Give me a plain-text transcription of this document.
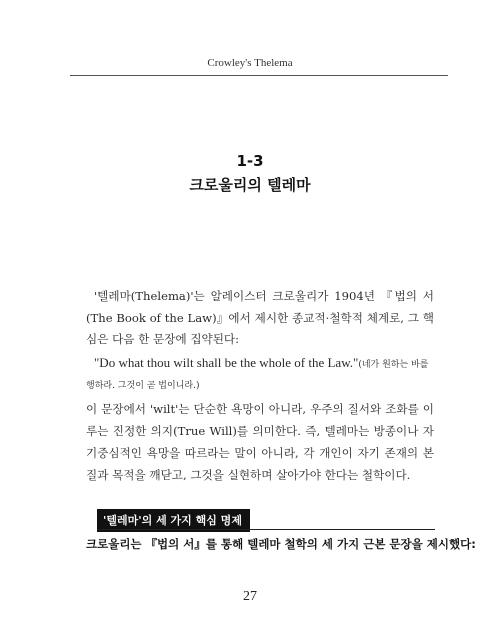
Crowley's Thelema
1-3
크로울리의 텔레마

'텔레마(Thelema)'는 알레이스터 크로울리가 1904년 『법의 서(The Book of the Law)』에서 제시한 종교적·철학적 체계로, 그 핵심은 다음 한 문장에 집약된다:

"Do what thou wilt shall be the whole of the Law."(네가 원하는 바를 행하라. 그것이 곧 법이니라.)

이 문장에서 'wilt'는 단순한 욕망이 아니라, 우주의 질서와 조화를 이루는 진정한 의지(True Will)를 의미한다. 즉, 텔레마는 방종이나 자기중심적인 욕망을 따르라는 말이 아니라, 각 개인이 자기 존재의 본질과 목적을 깨닫고, 그것을 실현하며 살아가야 한다는 철학이다.

'텔레마'의 세 가지 핵심 명제
크로울리는 『법의 서』를 통해 텔레마 철학의 세 가지 근본 문장을 제시했다:
27
